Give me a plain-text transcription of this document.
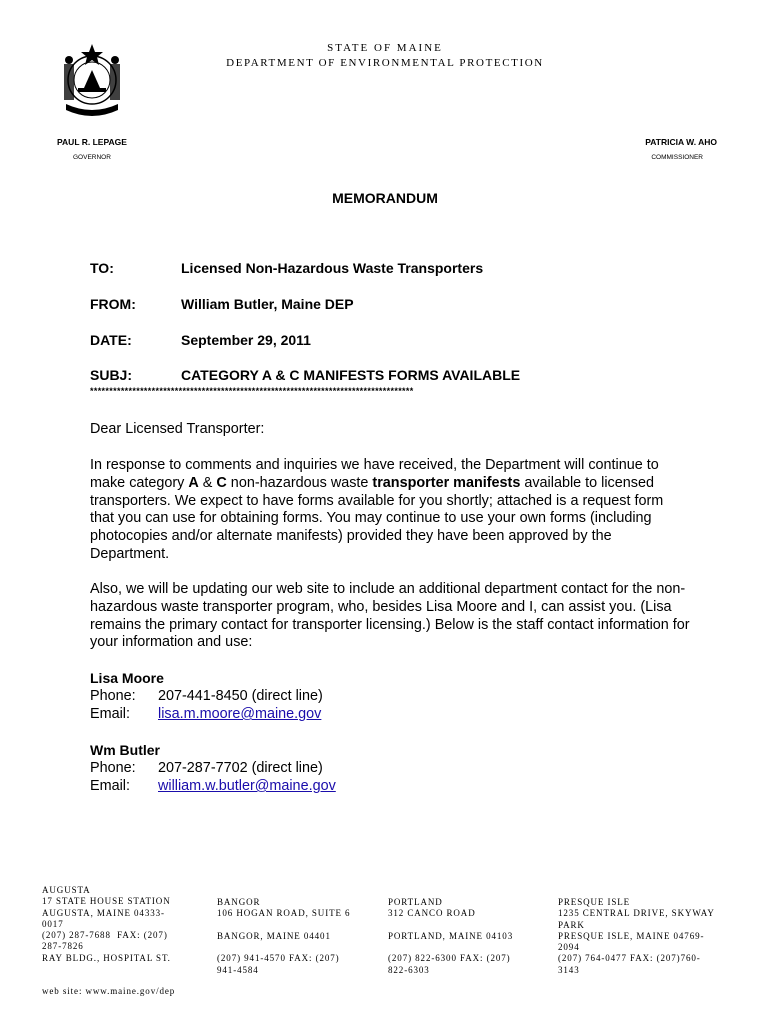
STATE OF MAINE
DEPARTMENT OF ENVIRONMENTAL PROTECTION
PAUL R. LEPAGE
GOVERNOR
PATRICIA W. AHO
COMMISSIONER
MEMORANDUM
TO:	Licensed Non-Hazardous Waste Transporters
FROM:	William Butler, Maine DEP
DATE:	September 29, 2011
SUBJ:	CATEGORY A & C MANIFESTS FORMS AVAILABLE
************************************************************************************
Dear Licensed Transporter:
In response to comments and inquiries we have received, the Department will continue to make category A & C non-hazardous waste transporter manifests available to licensed transporters. We expect to have forms available for you shortly; attached is a request form that you can use for obtaining forms. You may continue to use your own forms (including photocopies and/or alternate manifests) provided they have been approved by the Department.
Also, we will be updating our web site to include an additional department contact for the non-hazardous waste transporter program, who, besides Lisa Moore and I, can assist you. (Lisa remains the primary contact for transporter licensing.) Below is the staff contact information for your information and use:
Lisa Moore
Phone: 207-441-8450 (direct line)
Email: lisa.m.moore@maine.gov
Wm Butler
Phone: 207-287-7702 (direct line)
Email: william.w.butler@maine.gov
AUGUSTA
17 STATE HOUSE STATION
AUGUSTA, MAINE 04333-
0017
(207) 287-7688  FAX: (207)
287-7826
RAY BLDG., HOSPITAL ST.
BANGOR
106 HOGAN ROAD, SUITE 6
BANGOR, MAINE 04401
(207) 941-4570 FAX: (207)
941-4584
PORTLAND
312 CANCO ROAD
PORTLAND, MAINE 04103
(207) 822-6300 FAX: (207)
822-6303
PRESQUE ISLE
1235 CENTRAL DRIVE, SKYWAY
PARK
PRESQUE ISLE, MAINE 04769-
2094
(207) 764-0477 FAX: (207)760-
3143
web site: www.maine.gov/dep
